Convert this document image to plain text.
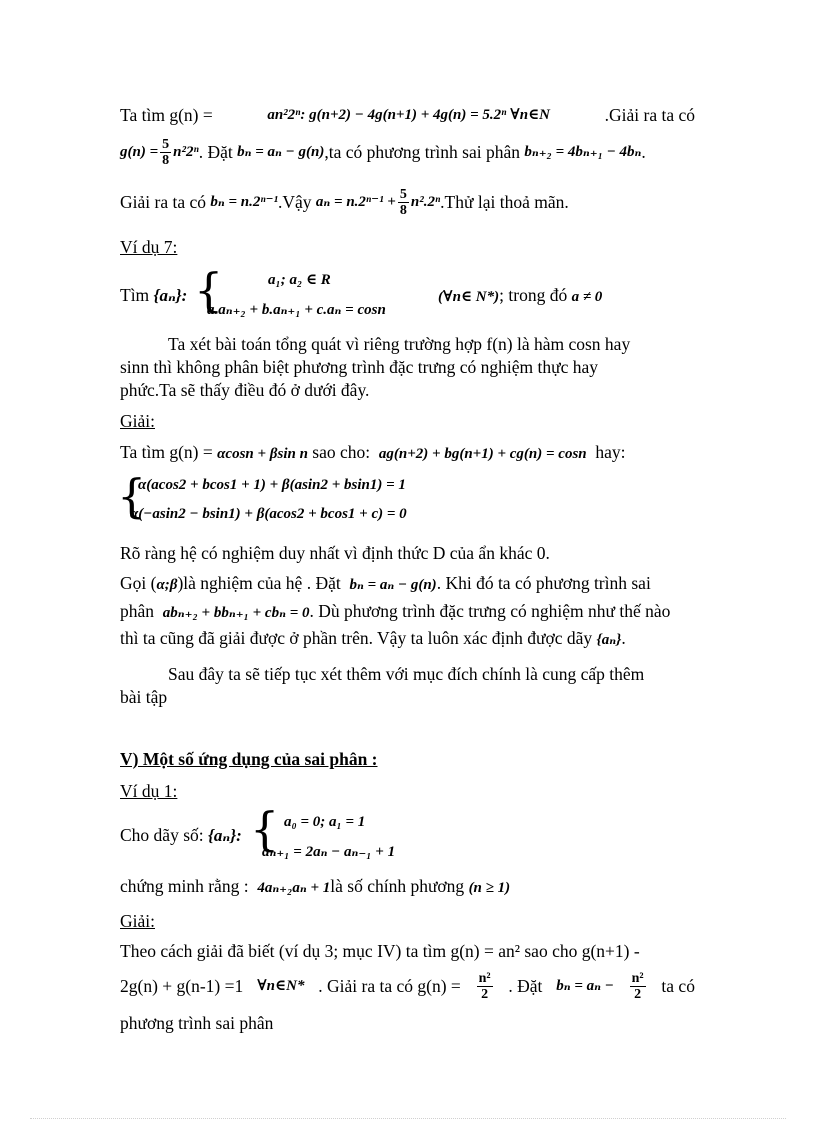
Ta tìm g(n) =	an²2ⁿ: g(n+2) − 4g(n+1) + 4g(n) = 5.2ⁿ ∀n∈N	.Giải ra ta có
$g(n) = \frac{5}{8} n^22^n$ . Đặt
bₙ = aₙ − g(n) ,ta có phương trình sai phân
bₙ₊₂ = 4bₙ₊₁ − 4bₙ .
Giải ra ta có
bₙ = n.2ⁿ⁻¹ .Vậy
$a_n = n.2^{n-1} + \frac{5}{8} n^2.2^n$ .Thử lại thoả mãn.
Ví dụ 7:
Tìm {aₙ}: {	a₁; a₂ ∈ R
a.aₙ₊₂ + b.aₙ₊₁ + c.aₙ = cosn
(∀n∈ N*); trong đó a ≠ 0
Ta xét bài toán tổng quát vì riêng trường hợp f(n) là hàm cosn hay
sinn thì không phân biệt phương trình đặc trưng có nghiệm thực hay
phức.Ta sẽ thấy điều đó ở dưới đây.
Giải:
Ta tìm g(n) = αcosn + βsin n sao cho: ag(n+2) + bg(n+1) + cg(n) = cosn hay:
{
α(acos2 + bcos1 + 1) + β(asin2 + bsin1) = 1
α(−asin2 − bsin1) + β(acos2 + bcos1 + c) = 0
Rõ ràng hệ có nghiệm duy nhất vì định thức D của ẩn khác 0.
Gọi (α;β)là nghiệm của hệ . Đặt bₙ = aₙ − g(n). Khi đó ta có phương trình sai
phân abₙ₊₂ + bbₙ₊₁ + cbₙ = 0. Dù phương trình đặc trưng có nghiệm như thế nào
thì ta cũng đã giải được ở phần trên. Vậy ta luôn xác định được dãy {aₙ}.
Sau đây ta sẽ tiếp tục xét thêm với mục đích chính là cung cấp thêm
bài tập
V) Một số ứng dụng của sai phân :
Ví dụ 1:
Cho dãy số: {aₙ}: { a₀ = 0; a₁ = 1
aₙ₊₁ = 2aₙ − aₙ₋₁ + 1
chứng minh rằng : 4aₙ₊₂aₙ + 1là số chính phương (n ≥ 1)
Giải:
Theo cách giải đã biết (ví dụ 3; mục IV) ta tìm g(n) = an² sao cho g(n+1) -
2g(n) + g(n-1) =1 ∀n∈N* . Giải ra ta có $g(n) = \frac{\text{n²}}{2}$ . Đặt $b_n = a_n - \frac{\text{n²}}{2}$ ta có
phương trình sai phân
